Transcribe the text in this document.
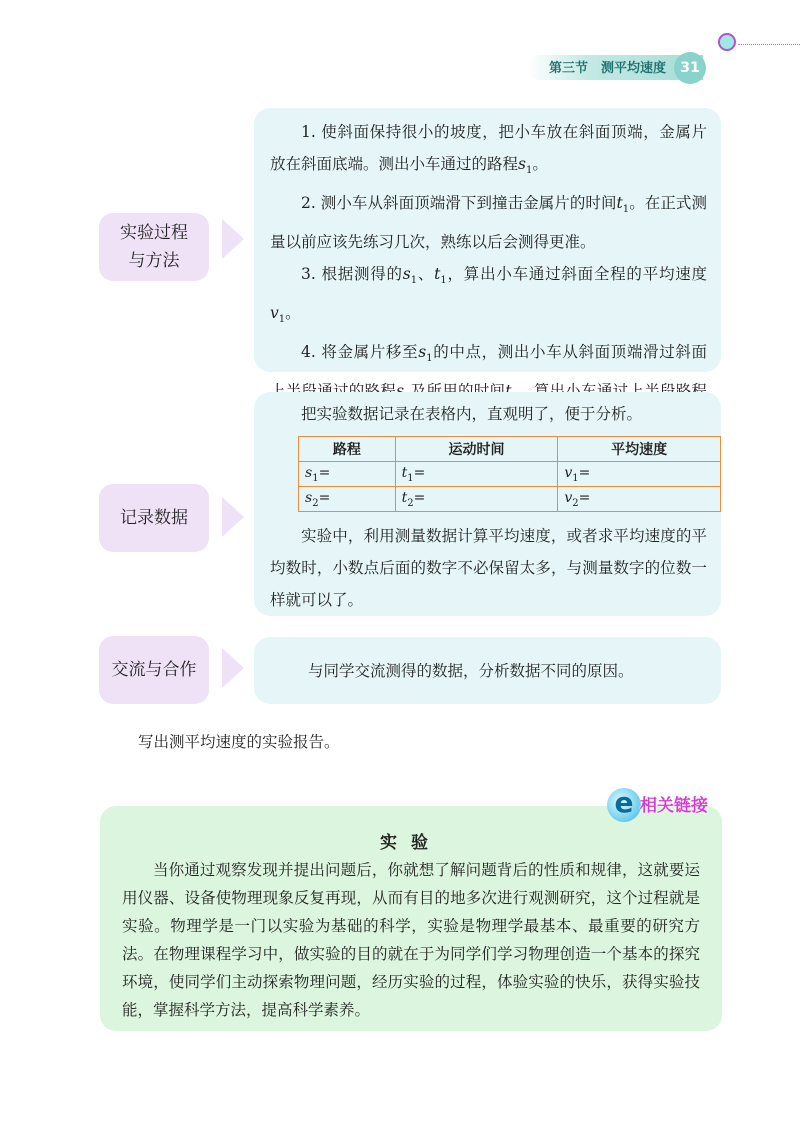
第三节　测平均速度	31
实验过程与方法

1. 使斜面保持很小的坡度，把小车放在斜面顶端，金属片放在斜面底端。测出小车通过的路程$s_1$。

2. 测小车从斜面顶端滑下到撞击金属片的时间$t_1$。在正式测量以前应该先练习几次，熟练以后会测得更准。

3. 根据测得的$s_1$、$t_1$，算出小车通过斜面全程的平均速度$v_1$。

4. 将金属片移至$s_1$的中点，测出小车从斜面顶端滑过斜面

记录数据

把实验数据记录在表格内，直观明了，便于分析。

路程	运动时间	平均速度
$s_1=$	$t_1=$	$v_1=$
$s_2=$	$t_2=$	$v_2=$

实验中，利用测量数据计算平均速度，或者求平均速度的平均数时，小数点后面的数字不必保留太多，与测量数字的位数一样就可以了。

交流与合作	与同学交流测得的数据，分析数据不同的原因。

写出测平均速度的实验报告。
实验

当你通过观察发现并提出问题后，你就想了解问题背后的性质和规律，这就要运用仪器、设备使物理现象反复再现，从而有目的地多次进行观测研究，这个过程就是实验。物理学是一门以实验为基础的科学，实验是物理学最基本、最重要的研究方法。在物理课程学习中，做实验的目的就在于为同学们学习物理创造一个基本的探究环境，使同学们主动探索物理问题，经历实验的过程，体验实验的快乐，获得实验技能，掌握科学方法，提高科学素养。

e 相关链接
